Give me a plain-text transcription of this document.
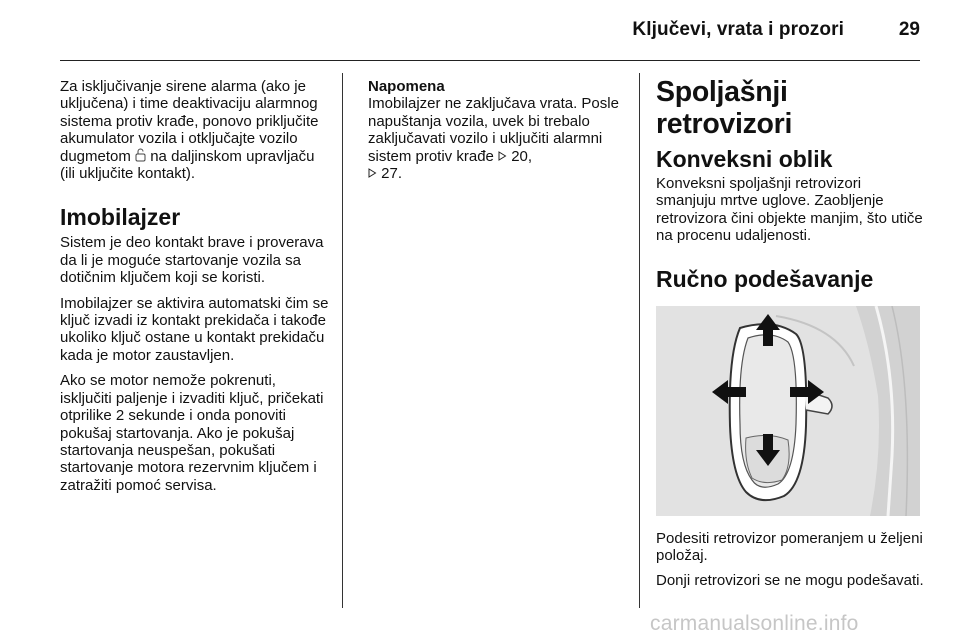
Ključevi, vrata i prozori	29

Za isključivanje sirene alarma (ako je uključena) i time deaktivaciju alarmnog sistema protiv krađe, ponovo priključite akumulator vozila i otključajte vozilo dugmetom  na daljinskom upravljaču (ili uključite kontakt).

Imobilajzer

Sistem je deo kontakt brave i proverava da li je moguće startovanje vozila sa dotičnim ključem koji se koristi.

Imobilajzer se aktivira automatski čim se ključ izvadi iz kontakt prekidača i takođe ukoliko ključ ostane u kontakt prekidaču kada je motor zaustavljen.

Ako se motor nemože pokrenuti, isključiti paljenje i izvaditi ključ, pričekati otprilike 2 sekunde i onda ponoviti pokušaj startovanja. Ako je pokušaj startovanja neuspešan, pokušati startovanje motora rezervnim ključem i zatražiti pomoć servisa.

Napomena

Imobilajzer ne zaključava vrata. Posle napuštanja vozila, uvek bi trebalo zaključavati vozilo i uključiti alarmni sistem protiv krađe  20,
27.

Spoljašnji retrovizori
Konveksni oblik

Konveksni spoljašnji retrovizori smanjuju mrtve uglove. Zaobljenje retrovizora čini objekte manjim, što utiče na procenu udaljenosti.

Ručno podešavanje

Podesiti retrovizor pomeranjem u željeni položaj.

Donji retrovizori se ne mogu podešavati.

carmanualsonline.info
